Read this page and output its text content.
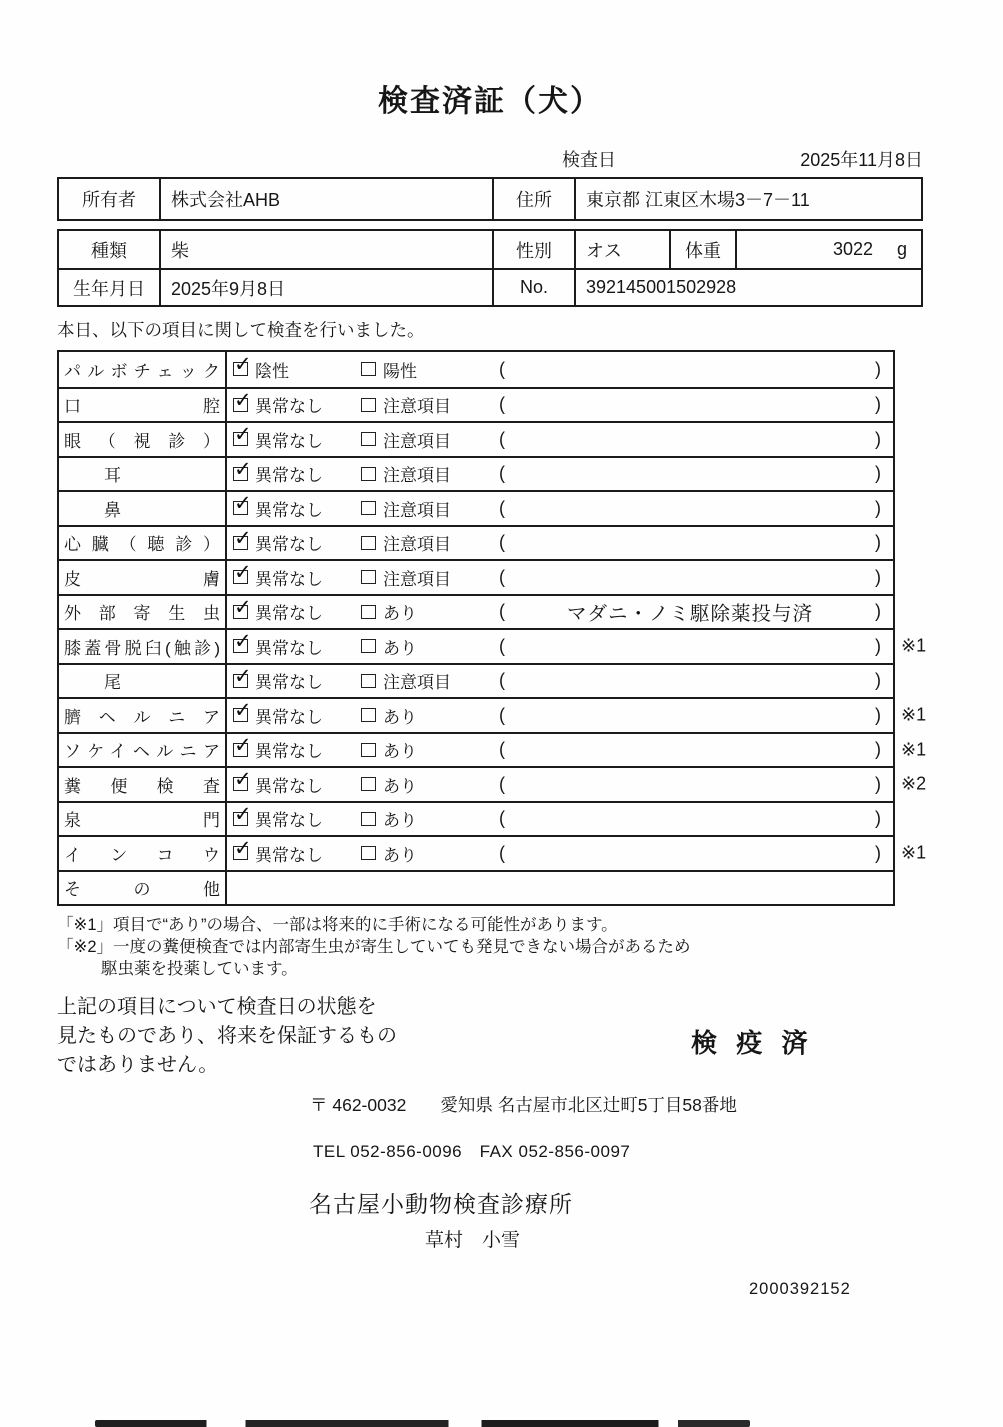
検査済証（犬）
検査日	2025年11月8日
所有者	株式会社AHB	住所	東京都 江東区木場3－7－11
種類	柴	性別	オス	体重	3022 g
生年月日	2025年9月8日	No.	392145001502928

本日、以下の項目に関して検査を行いました。

パルボチェック ✓ 陰性	陽性	(	)
口腔 ✓ 異常なし	注意項目	(	)
眼（視診） ✓ 異常なし	注意項目	(	)
耳	✓ 異常なし	注意項目	(	)
鼻	✓ 異常なし	注意項目	(	)
心臓（聴診） ✓ 異常なし	注意項目	(	)
皮膚 ✓ 異常なし	注意項目	(	)
外部寄生虫 ✓ 異常なし	あり	(	マダニ・ノミ駆除薬投与済	)
膝蓋骨脱臼(触診) ✓ 異常なし	あり	(	) ※1
尾	✓ 異常なし	注意項目	(	)
臍ヘルニア ✓ 異常なし	あり	(	) ※1
ソケイヘルニア ✓ 異常なし	あり	(	) ※1
糞便検査 ✓ 異常なし	あり	(	) ※2
泉門 ✓ 異常なし	あり	(	)
インコウ ✓ 異常なし	あり	(	) ※1
その他

「※1」項目で“あり”の場合、一部は将来的に手術になる可能性があります。

「※2」一度の糞便検査では内部寄生虫が寄生していても発見できない場合があるため

駆虫薬を投薬しています。

上記の項目について検査日の状態を

見たものであり、将来を保証するもの

ではありません。

検 疫 済
〒 462-0032 愛知県 名古屋市北区辻町5丁目58番地

TEL 052-856-0096　FAX 052-856-0097

名古屋小動物検査診療所

草村　小雪

2000392152
